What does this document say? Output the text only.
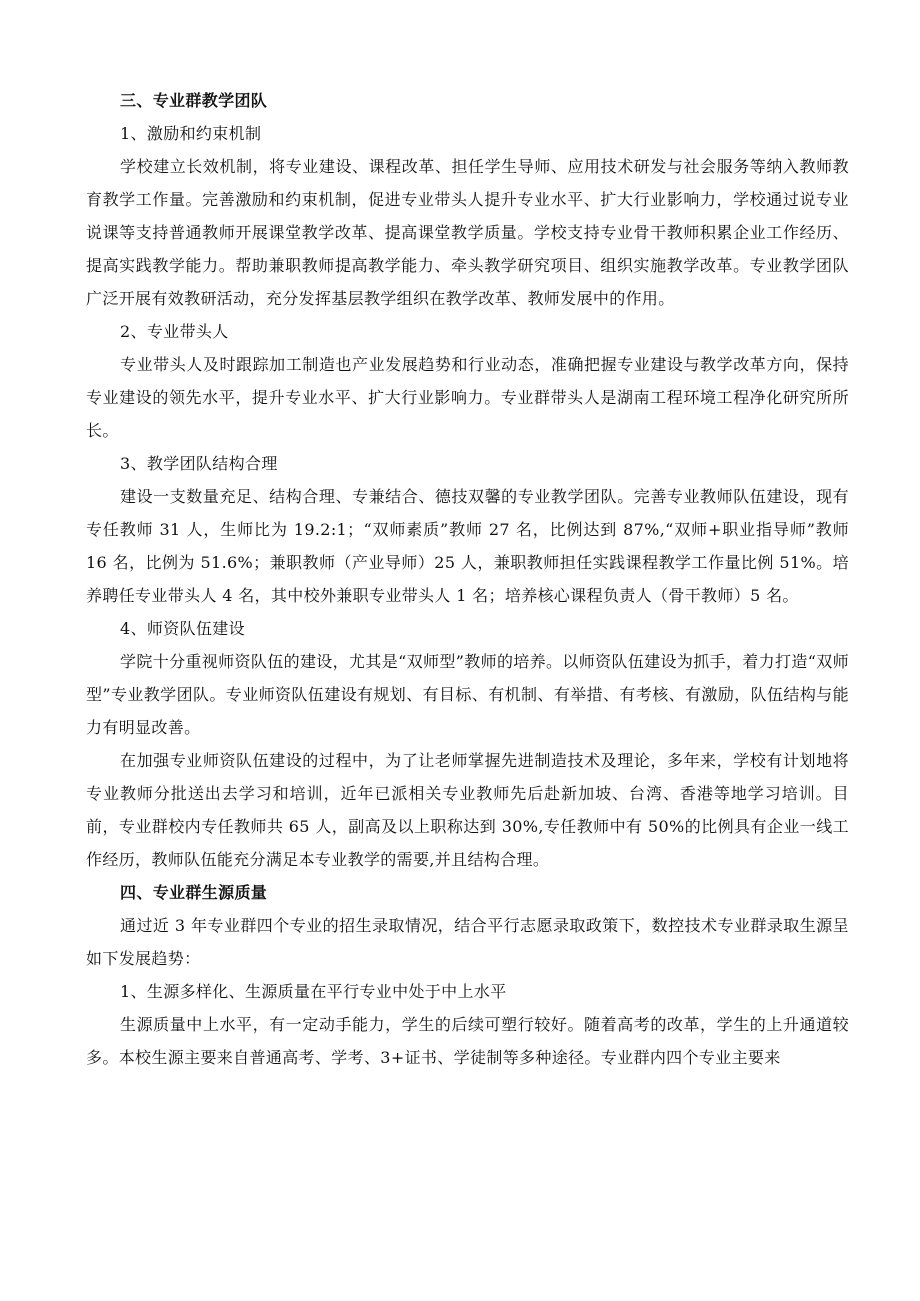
三、专业群教学团队

1、激励和约束机制

学校建立长效机制，将专业建设、课程改革、担任学生导师、应用技术研发与社会服务等纳入教师教育教学工作量。完善激励和约束机制，促进专业带头人提升专业水平、扩大行业影响力，学校通过说专业说课等支持普通教师开展课堂教学改革、提高课堂教学质量。学校支持专业骨干教师积累企业工作经历、提高实践教学能力。帮助兼职教师提高教学能力、牵头教学研究项目、组织实施教学改革。专业教学团队广泛开展有效教研活动，充分发挥基层教学组织在教学改革、教师发展中的作用。

2、专业带头人

专业带头人及时跟踪加工制造也产业发展趋势和行业动态，准确把握专业建设与教学改革方向，保持专业建设的领先水平，提升专业水平、扩大行业影响力。专业群带头人是湖南工程环境工程净化研究所所长。

3、教学团队结构合理

建设一支数量充足、结构合理、专兼结合、德技双馨的专业教学团队。完善专业教师队伍建设，现有专任教师 31 人，生师比为 19.2:1；“双师素质”教师 27 名，比例达到 87%,“双师+职业指导师”教师 16 名，比例为 51.6%；兼职教师（产业导师）25 人，兼职教师担任实践课程教学工作量比例 51%。培养聘任专业带头人 4 名，其中校外兼职专业带头人 1 名；培养核心课程负责人（骨干教师）5 名。

4、师资队伍建设

学院十分重视师资队伍的建设，尤其是“双师型”教师的培养。以师资队伍建设为抓手，着力打造“双师型”专业教学团队。专业师资队伍建设有规划、有目标、有机制、有举措、有考核、有激励，队伍结构与能力有明显改善。

在加强专业师资队伍建设的过程中，为了让老师掌握先进制造技术及理论，多年来，学校有计划地将专业教师分批送出去学习和培训，近年已派相关专业教师先后赴新加坡、台湾、香港等地学习培训。目前，专业群校内专任教师共 65 人，副高及以上职称达到 30%,专任教师中有 50%的比例具有企业一线工作经历，教师队伍能充分满足本专业教学的需要,并且结构合理。

四、专业群生源质量

通过近 3 年专业群四个专业的招生录取情况，结合平行志愿录取政策下，数控技术专业群录取生源呈如下发展趋势：

1、生源多样化、生源质量在平行专业中处于中上水平

生源质量中上水平，有一定动手能力，学生的后续可塑行较好。随着高考的改革，学生的上升通道较多。本校生源主要来自普通高考、学考、3+证书、学徒制等多种途径。专业群内四个专业主要来
